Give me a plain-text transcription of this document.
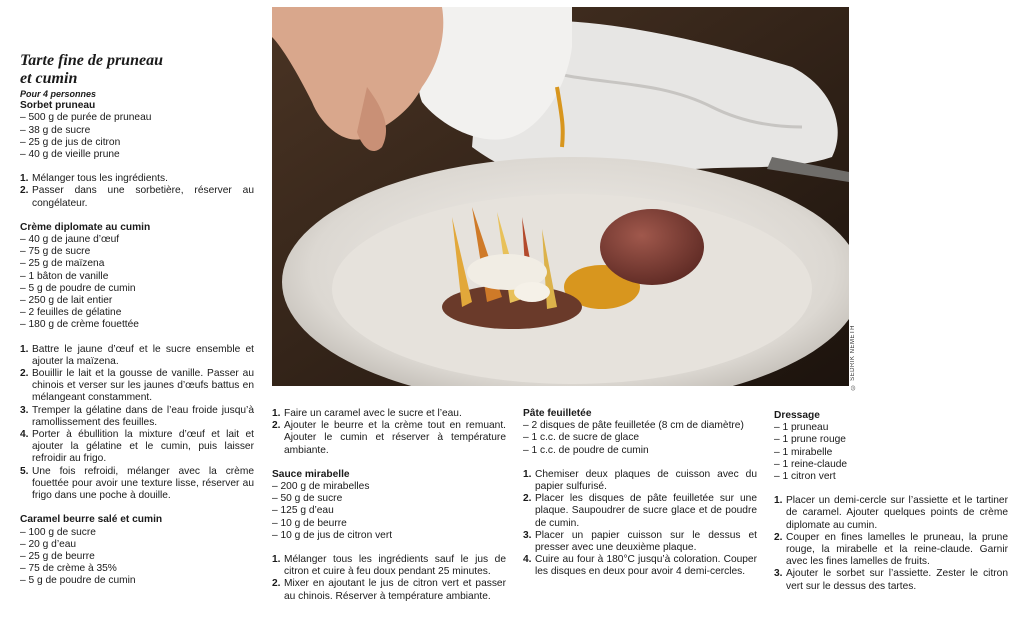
Tarte fine de pruneau
et cumin

Pour 4 personnes

Sorbet pruneau

– 500 g de purée de pruneau
– 38 g de sucre
– 25 g de jus de citron
– 40 g de vieille prune
1. Mélanger tous les ingrédients.
2. Passer dans une sorbetière, réserver au congélateur.

Crème diplomate au cumin

– 40 g de jaune d’œuf
– 75 g de sucre
– 25 g de maïzena
– 1 bâton de vanille
– 5 g de poudre de cumin
– 250 g de lait entier
– 2 feuilles de gélatine
– 180 g de crème fouettée
1. Battre le jaune d’œuf et le sucre ensemble et ajouter la maïzena.
2. Bouillir le lait et la gousse de vanille. Passer au chinois et verser sur les jaunes d’œufs battus en mélangeant constamment.
3. Tremper la gélatine dans de l’eau froide jusqu’à ramollissement des feuilles.
4. Porter à ébullition la mixture d’œuf et lait et ajouter la gélatine et le cumin, puis laisser refroidir au frigo.
5. Une fois refroidi, mélanger avec la crème fouettée pour avoir une texture lisse, réserver au frigo dans une poche à douille.

Caramel beurre salé et cumin

– 100 g de sucre
– 20 g d’eau
– 25 g de beurre
– 75 de crème à 35%
– 5 g de poudre de cumin
© SEDRIK NEMETH
1. Faire un caramel avec le sucre et l’eau.
2. Ajouter le beurre et la crème tout en remuant. Ajouter le cumin et réserver à température ambiante.

Sauce mirabelle

– 200 g de mirabelles
– 50 g de sucre
– 125 g d’eau
– 10 g de beurre
– 10 g de jus de citron vert
1. Mélanger tous les ingrédients sauf le jus de citron et cuire à feu doux pendant 25 minutes.
2. Mixer en ajoutant le jus de citron vert et passer au chinois. Réserver à température ambiante.

Pâte feuilletée

– 2 disques de pâte feuilletée (8 cm de diamètre)
– 1 c.c. de sucre de glace
– 1 c.c. de poudre de cumin
1. Chemiser deux plaques de cuisson avec du papier sulfurisé.
2. Placer les disques de pâte feuilletée sur une plaque. Saupoudrer de sucre glace et de poudre de cumin.
3. Placer un papier cuisson sur le dessus et presser avec une deuxième plaque.
4. Cuire au four à 180°C jusqu’à coloration. Couper les disques en deux pour avoir 4 demi-cercles.

Dressage

– 1 pruneau
– 1 prune rouge
– 1 mirabelle
– 1 reine-claude
– 1 citron vert
1. Placer un demi-cercle sur l’assiette et le tartiner de caramel. Ajouter quelques points de crème diplomate au cumin.
2. Couper en fines lamelles le pruneau, la prune rouge, la mirabelle et la reine-claude. Garnir avec les fines lamelles de fruits.
3. Ajouter le sorbet sur l’assiette. Zester le citron vert sur le dessus des tartes.
